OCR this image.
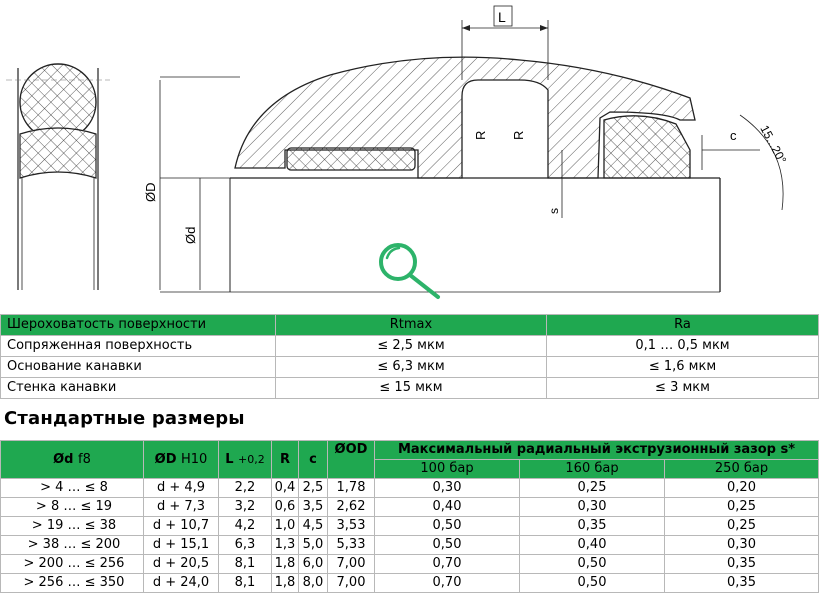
L
R R	c
s
ØD
Ød
15...20°
Шероховатость поверхности	Rtmax	Ra
Сопряженная поверхность	≤ 2,5 мкм	0,1 … 0,5 мкм
Основание канавки	≤ 6,3 мкм	≤ 1,6 мкм
Стенка канавки	≤ 15 мкм	≤ 3 мкм
Стандартные размеры
Ød f8	ØD H10	L +0,2	R	c	ØOD	Максимальный радиальный экструзионный зазор s*		
						100 бар	160 бар	250 бар
> 4 … ≤ 8	d + 4,9	2,2	0,4	2,5	1,78	0,30	0,25	0,20
> 8 … ≤ 19	d + 7,3	3,2	0,6	3,5	2,62	0,40	0,30	0,25
> 19 … ≤ 38	d + 10,7	4,2	1,0	4,5	3,53	0,50	0,35	0,25
> 38 … ≤ 200	d + 15,1	6,3	1,3	5,0	5,33	0,50	0,40	0,30
> 200 … ≤ 256	d + 20,5	8,1	1,8	6,0	7,00	0,70	0,50	0,35
> 256 … ≤ 350	d + 24,0	8,1	1,8	8,0	7,00	0,70	0,50	0,35
